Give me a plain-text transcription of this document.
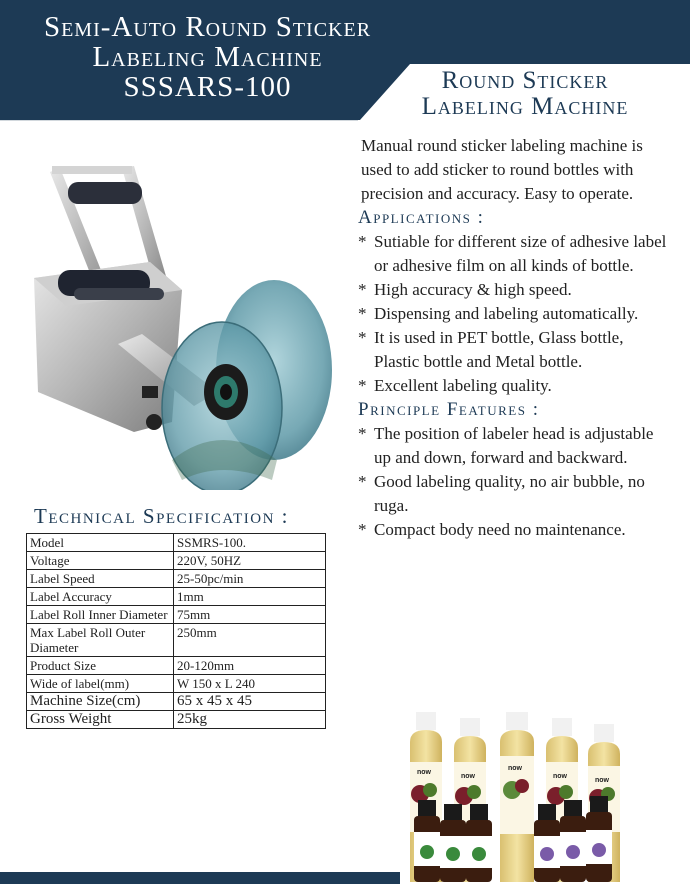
Semi-Auto Round Sticker
Labeling Machine
SSSARS-100	Round Sticker
Labeling Machine

Manual round sticker labeling machine is used to add sticker to round bottles with precision and accuracy. Easy to operate.

Applications :

* Sutiable for different size of adhesive label or adhesive film on all kinds of bottle.
* High accuracy & high speed.
* Dispensing and labeling automatically.
* It is used in PET bottle, Glass bottle, Plastic bottle and Metal bottle.
* Excellent labeling quality.

Principle Features :

* The position of labeler head is adjustable up and down, forward and backward.
* Good labeling quality, no air bubble, no ruga.
* Compact body need no maintenance.
Technical Specification :
Model	SSMRS-100.
Voltage	220V, 50HZ
Label Speed	25-50pc/min
Label Accuracy	1mm
Label Roll Inner Diameter	75mm
Max Label Roll Outer Diameter	250mm
Product Size	20-120mm
Wide of label(mm)	W 150 x L 240
Machine Size(cm)	65 x 45 x 45
Gross Weight	25kg
now
now
now
now
now
